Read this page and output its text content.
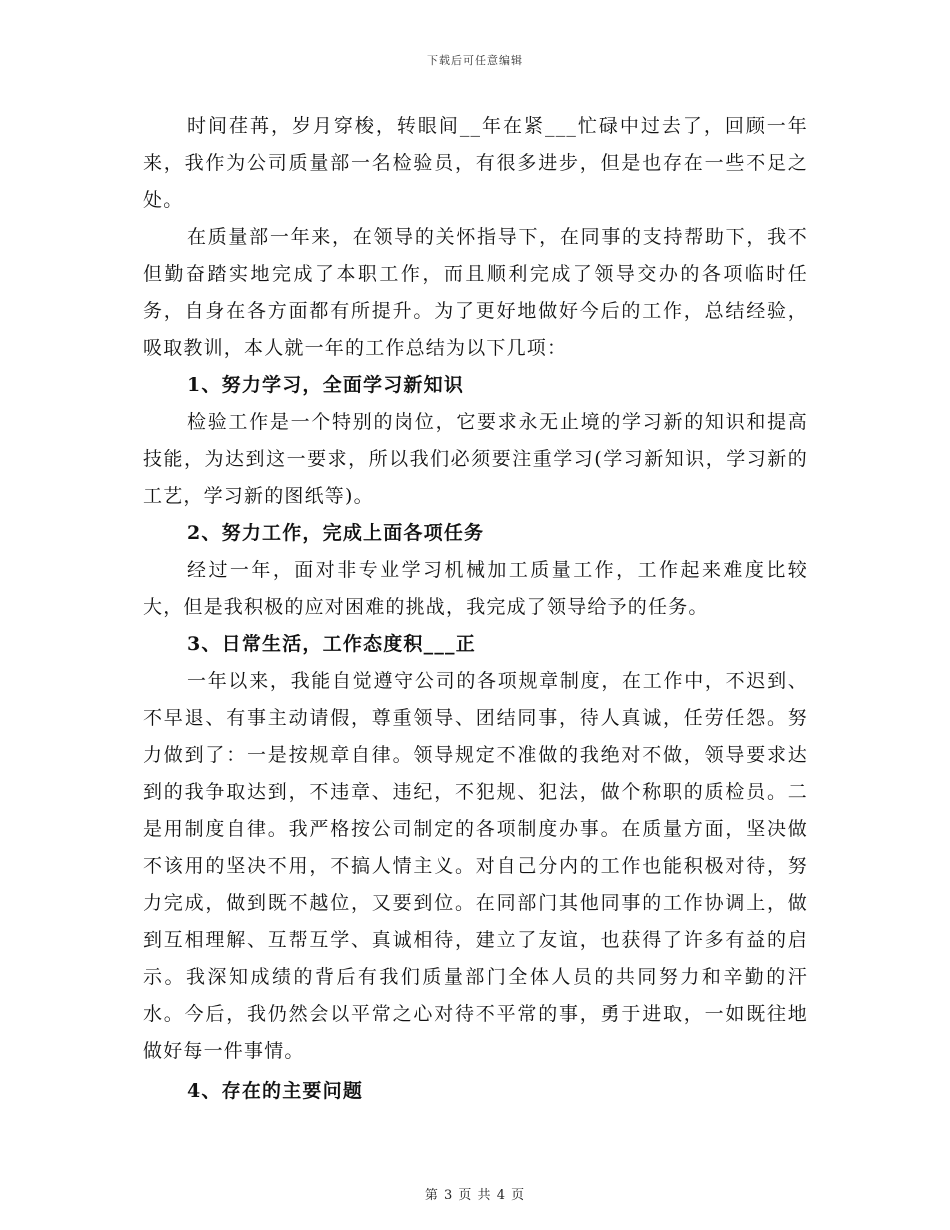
下载后可任意编辑

时间荏苒，岁月穿梭，转眼间__年在紧___忙碌中过去了，回顾一年来，我作为公司质量部一名检验员，有很多进步，但是也存在一些不足之处。

在质量部一年来，在领导的关怀指导下，在同事的支持帮助下，我不但勤奋踏实地完成了本职工作，而且顺利完成了领导交办的各项临时任务，自身在各方面都有所提升。为了更好地做好今后的工作，总结经验，吸取教训，本人就一年的工作总结为以下几项：

1、努力学习，全面学习新知识

检验工作是一个特别的岗位，它要求永无止境的学习新的知识和提高技能，为达到这一要求，所以我们必须要注重学习(学习新知识，学习新的工艺，学习新的图纸等)。

2、努力工作，完成上面各项任务

经过一年，面对非专业学习机械加工质量工作，工作起来难度比较大，但是我积极的应对困难的挑战，我完成了领导给予的任务。

3、日常生活，工作态度积___正

一年以来，我能自觉遵守公司的各项规章制度，在工作中，不迟到、不早退、有事主动请假，尊重领导、团结同事，待人真诚，任劳任怨。努力做到了：一是按规章自律。领导规定不准做的我绝对不做，领导要求达到的我争取达到，不违章、违纪，不犯规、犯法，做个称职的质检员。二是用制度自律。我严格按公司制定的各项制度办事。在质量方面，坚决做不该用的坚决不用，不搞人情主义。对自己分内的工作也能积极对待，努力完成，做到既不越位，又要到位。在同部门其他同事的工作协调上，做到互相理解、互帮互学、真诚相待，建立了友谊，也获得了许多有益的启示。我深知成绩的背后有我们质量部门全体人员的共同努力和辛勤的汗水。今后，我仍然会以平常之心对待不平常的事，勇于进取，一如既往地做好每一件事情。

4、存在的主要问题

第 3 页 共 4 页
